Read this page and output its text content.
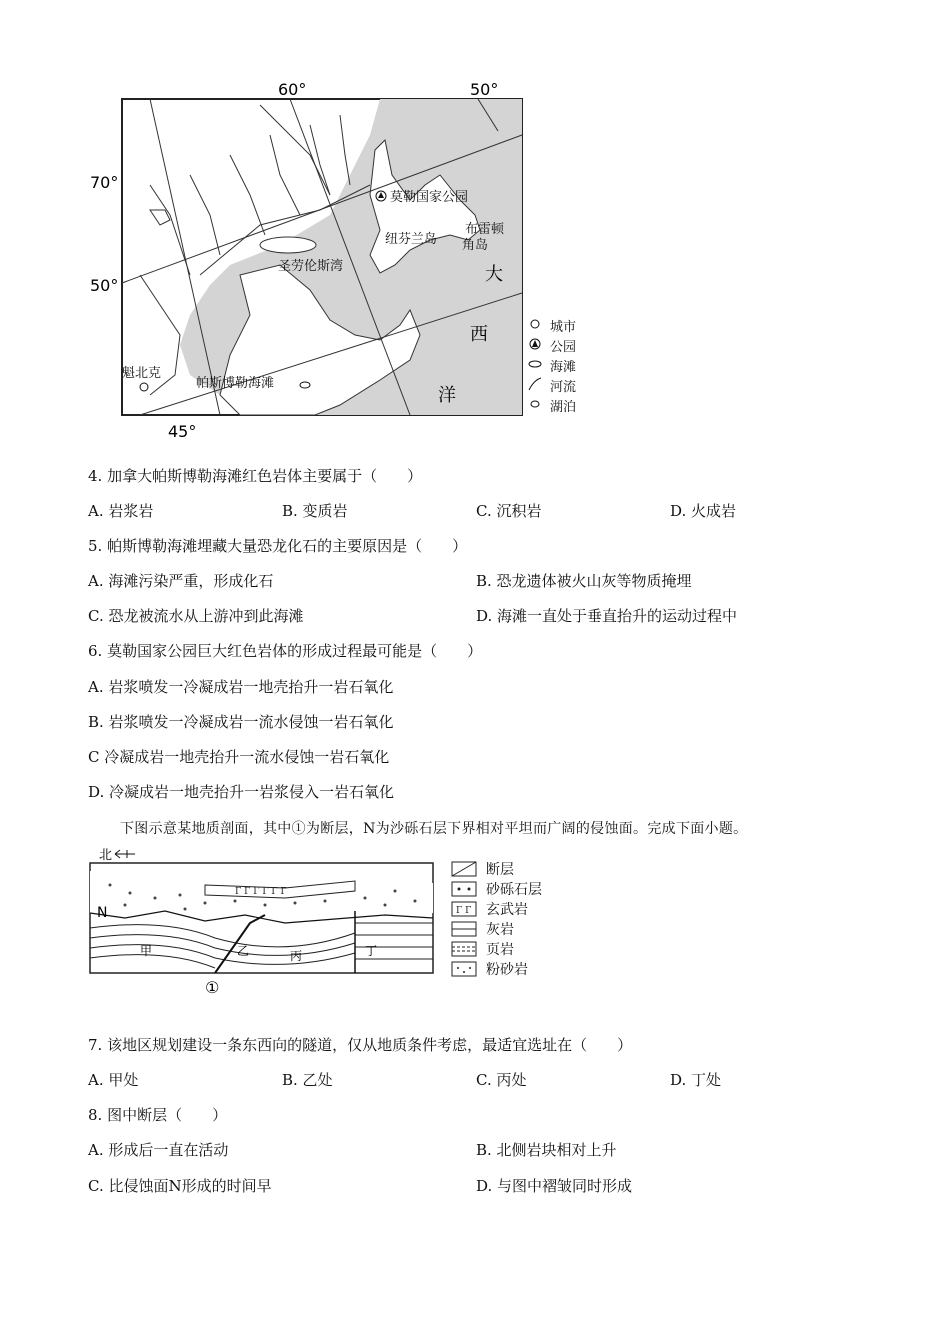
60°	50°
70°
50°
45°
莫勒国家公园
纽芬兰岛
布雷顿
角岛
圣劳伦斯湾	大
西
洋
魁北克
帕斯博勒海滩
城市
公园
海滩
河流
湖泊
4. 加拿大帕斯博勒海滩红色岩体主要属于（　　）
A. 岩浆岩	B. 变质岩	C. 沉积岩	D. 火成岩
5. 帕斯博勒海滩埋藏大量恐龙化石的主要原因是（　　）
A. 海滩污染严重，形成化石	B. 恐龙遗体被火山灰等物质掩埋
C. 恐龙被流水从上游冲到此海滩	D. 海滩一直处于垂直抬升的运动过程中
6. 莫勒国家公园巨大红色岩体的形成过程最可能是（　　）
A. 岩浆喷发一冷凝成岩一地壳抬升一岩石氧化
B. 岩浆喷发一冷凝成岩一流水侵蚀一岩石氧化
C 冷凝成岩一地壳抬升一流水侵蚀一岩石氧化
D. 冷凝成岩一地壳抬升一岩浆侵入一岩石氧化
下图示意某地质剖面，其中①为断层，N为沙砾石层下界相对平坦而广阔的侵蚀面。完成下面小题。
北
Γ Γ Γ Γ Γ Γ
N
甲	乙	丙	丁
①
Γ Γ
断层
砂砾石层
玄武岩
灰岩
页岩
粉砂岩
7. 该地区规划建设一条东西向的隧道，仅从地质条件考虑，最适宜选址在（　　）
A. 甲处	B. 乙处	C. 丙处	D. 丁处
8. 图中断层（　　）
A. 形成后一直在活动	B. 北侧岩块相对上升
C. 比侵蚀面N形成的时间早	D. 与图中褶皱同时形成
